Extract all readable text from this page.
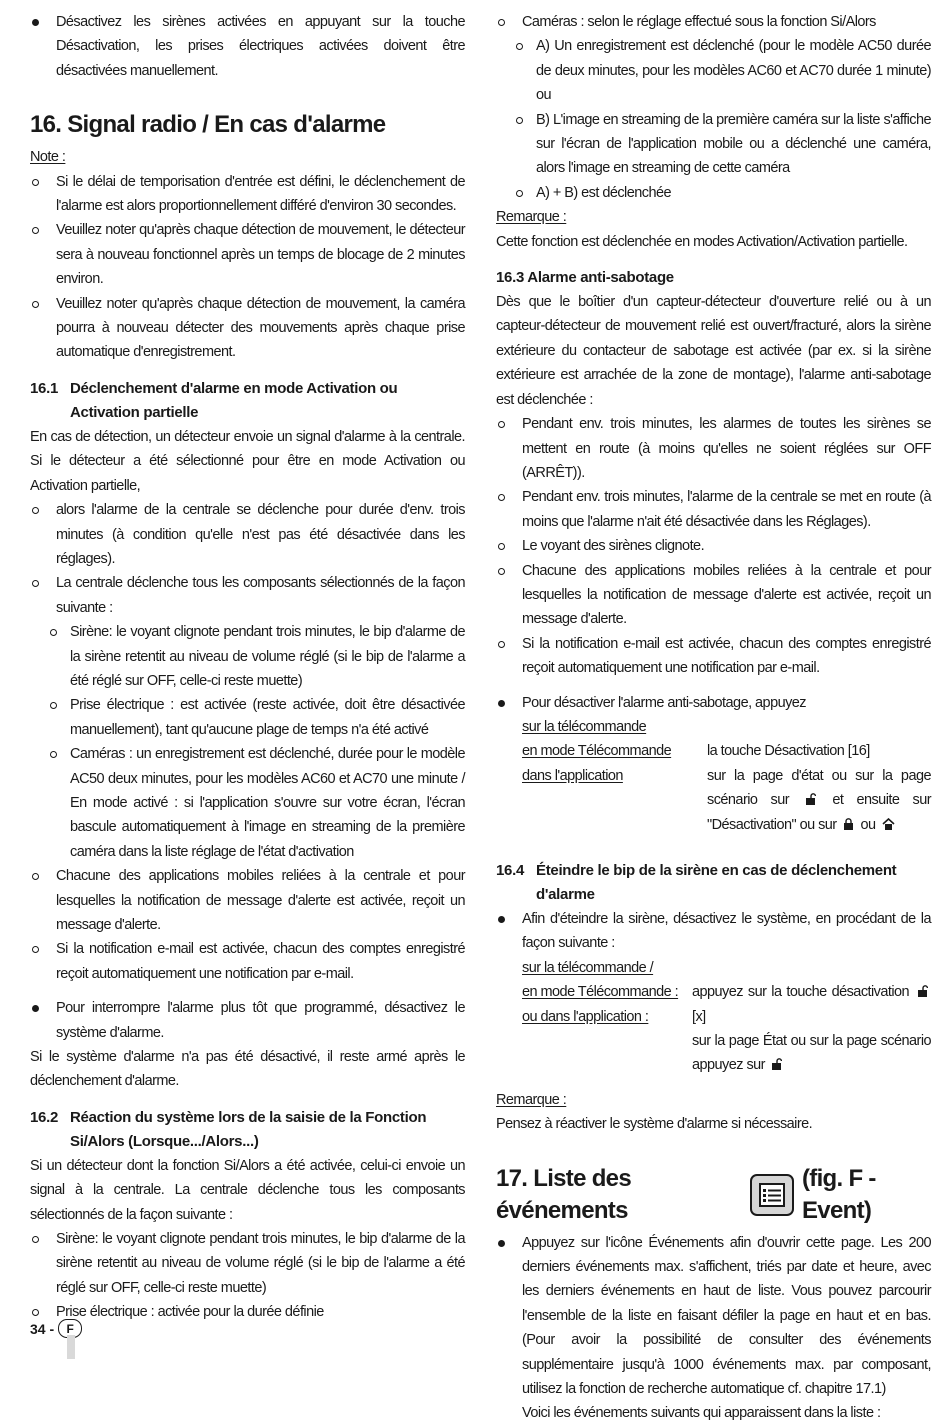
Désactivez les sirènes activées en appuyant sur la touche Désactivation, les prises électriques activées doivent être désactivées manuellement.
16. Signal radio / En cas d'alarme
Note :
Si le délai de temporisation d'entrée est défini, le déclenchement de l'alarme est alors proportionnellement différé d'environ 30 secondes.
Veuillez noter qu'après chaque détection de mouvement, le détecteur sera à nouveau fonctionnel après un temps de blocage de 2 minutes environ.
Veuillez noter qu'après chaque détection de mouvement, la caméra pourra à nouveau détecter des mouvements après chaque prise automatique d'enregistrement.
16.1 Déclenchement d'alarme en mode Activation ou Activation partielle
En cas de détection, un détecteur envoie un signal d'alarme à la centrale. Si le détecteur a été sélectionné pour être en mode Activation ou Activation partielle,
alors l'alarme de la centrale se déclenche pour durée d'env. trois minutes (à condition qu'elle n'est pas été désactivée dans les réglages).
La centrale déclenche tous les composants sélectionnés de la façon suivante :
Sirène: le voyant clignote pendant trois minutes, le bip d'alarme de la sirène retentit au niveau de volume réglé (si le bip de l'alarme a été réglé sur OFF, celle-ci reste muette)
Prise électrique : est activée (reste activée, doit être désactivée manuellement), tant qu'aucune plage de temps n'a été activé
Caméras : un enregistrement est déclenché, durée pour le modèle AC50 deux minutes, pour les modèles AC60 et AC70 une minute / En mode activé : si l'application s'ouvre sur votre écran, l'écran bascule automatiquement à l'image en streaming de la première caméra dans la liste réglage de l'état d'activation
Chacune des applications mobiles reliées à la centrale et pour lesquelles la notification de message d'alerte est activée, reçoit un message d'alerte.
Si la notification e-mail est activée, chacun des comptes enregistré reçoit automatiquement une notification par e-mail.
Pour interrompre l'alarme plus tôt que programmé, désactivez le système d'alarme.
Si le système d'alarme n'a pas été désactivé, il reste armé après le déclenchement d'alarme.
16.2 Réaction du système lors de la saisie de la Fonction Si/Alors (Lorsque.../Alors...)
Si un détecteur dont la fonction Si/Alors a été activée, celui-ci envoie un signal à la centrale. La centrale déclenche tous les composants sélectionnés de la façon suivante :
Sirène: le voyant clignote pendant trois minutes, le bip d'alarme de la sirène retentit au niveau de volume réglé (si le bip de l'alarme a été réglé sur OFF, celle-ci reste muette)
Prise électrique : activée pour la durée définie
Caméras : selon le réglage effectué sous la fonction Si/Alors
A) Un enregistrement est déclenché (pour le modèle AC50 durée de deux minutes, pour les modèles AC60 et AC70 durée 1 minute) ou
B) L'image en streaming de la première caméra sur la liste s'affiche sur l'écran de l'application mobile ou a déclenché une caméra, alors l'image en streaming de cette caméra
A) + B) est déclenchée
Remarque :
Cette fonction est déclenchée en modes Activation/Activation partielle.
16.3 Alarme anti-sabotage
Dès que le boîtier d'un capteur-détecteur d'ouverture relié ou à un capteur-détecteur de mouvement relié est ouvert/fracturé, alors la sirène extérieure du contacteur de sabotage est activée (par ex. si la sirène extérieure est arrachée de la zone de montage), l'alarme anti-sabotage est déclenchée :
Pendant env. trois minutes, les alarmes de toutes les sirènes se mettent en route (à moins qu'elles ne soient réglées sur OFF (ARRÊT)).
Pendant env. trois minutes, l'alarme de la centrale se met en route (à moins que l'alarme n'ait été désactivée dans les Réglages).
Le voyant des sirènes clignote.
Chacune des applications mobiles reliées à la centrale et pour lesquelles la notification de message d'alerte est activée, reçoit un message d'alerte.
Si la notification e-mail est activée, chacun des comptes enregistré reçoit automatiquement une notification par e-mail.
Pour désactiver l'alarme anti-sabotage, appuyez
sur la télécommande
en mode Télécommande
dans l'application
la touche Désactivation [16]
sur la page d'état ou sur la page scénario sur	et ensuite sur "Désactivation" ou sur ou
16.4 Éteindre le bip de la sirène en cas de déclenchement d'alarme
Afin d'éteindre la sirène, désactivez le système, en procédant de la façon suivante :
sur la télécommande /
en mode Télécommande :
ou dans l'application :
appuyez sur la touche désactivation  [x]
sur la page État ou sur la page scénario appuyez sur
Remarque :
Pensez à réactiver le système d'alarme si nécessaire.
17. Liste des événements
(fig. F -Event)
Appuyez sur l'icône Événements afin d'ouvrir cette page. Les 200 derniers événements max. s'affichent, triés par date et heure, avec les derniers événements en haut de liste. Vous pouvez parcourir l'ensemble de la liste en faisant défiler la page en haut et en bas. (Pour avoir la possibilité de consulter des événements supplémentaire jusqu'à 1000 événements max. par composant, utilisez la fonction de recherche automatique cf. chapitre 17.1)
Voici les événements suivants qui apparaissent dans la liste :
34 -	F
